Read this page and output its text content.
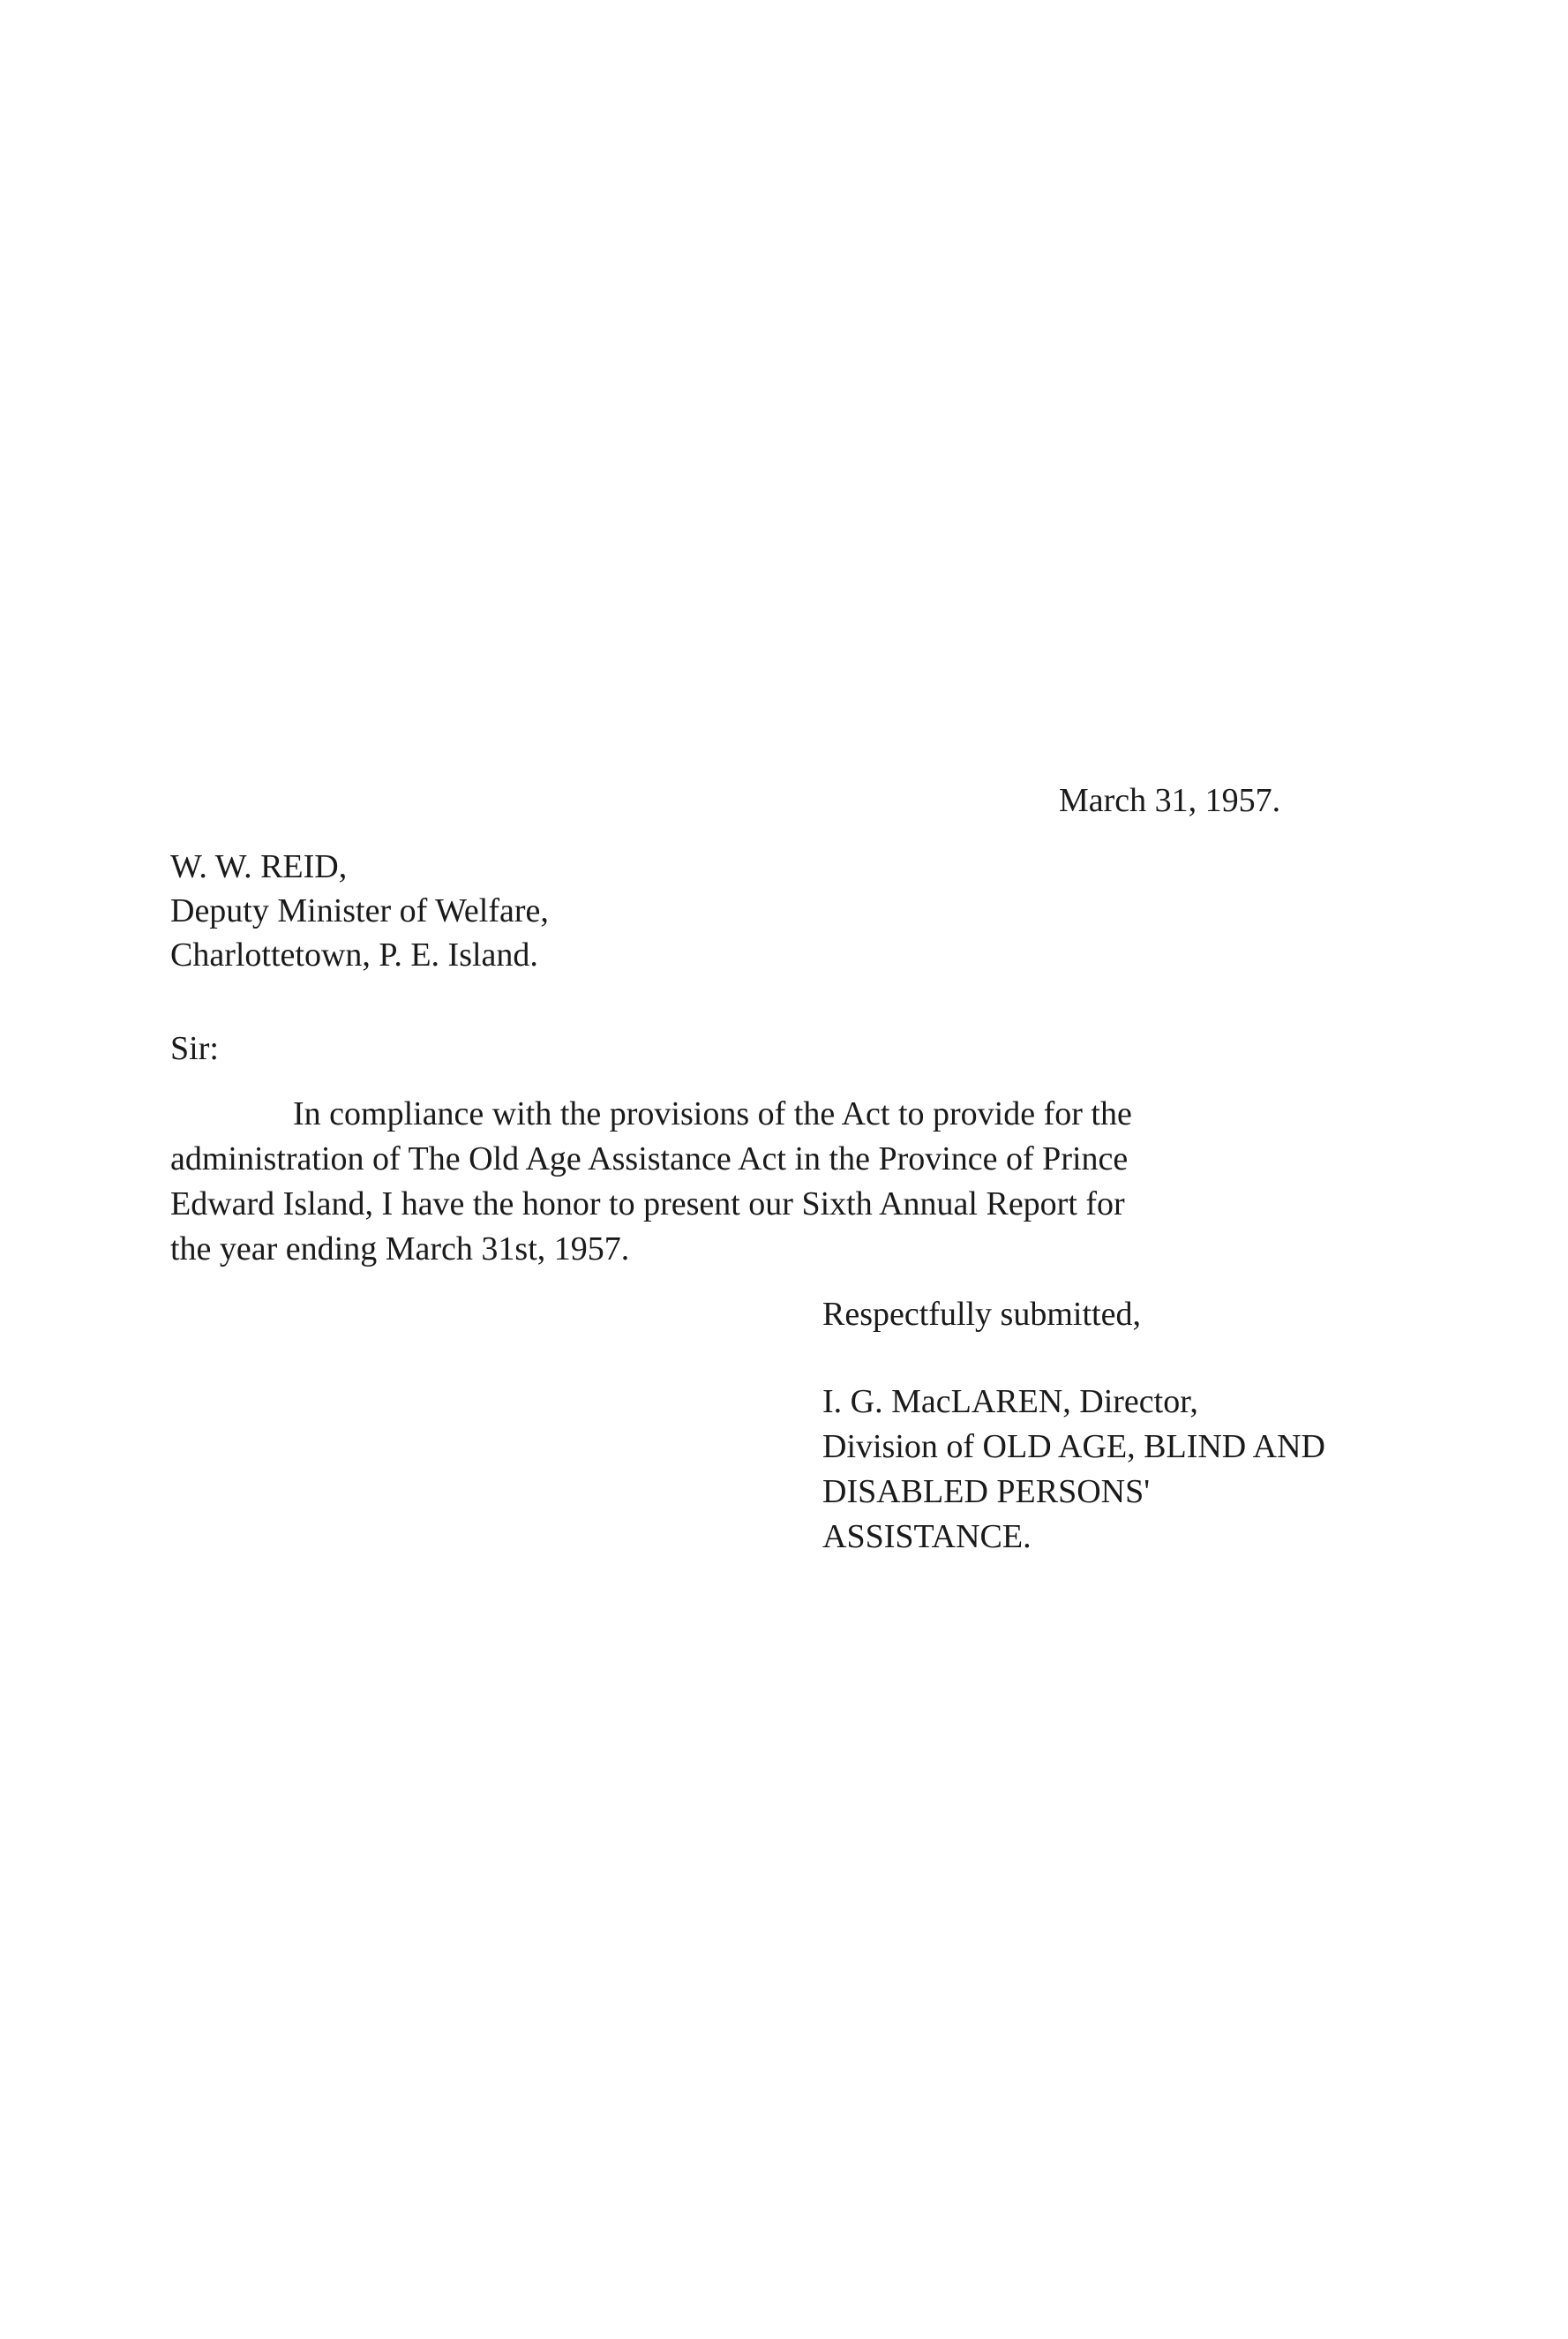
March 31, 1957.
W. W. REID,
Deputy Minister of Welfare,
Charlottetown, P. E. Island.
Sir:
In compliance with the provisions of the Act to provide for the
administration of The Old Age Assistance Act in the Province of Prince
Edward Island, I have the honor to present our Sixth Annual Report for
the year ending March 31st, 1957.
Respectfully submitted,
I. G. MacLAREN, Director,
Division of OLD AGE, BLIND AND
DISABLED PERSONS'
ASSISTANCE.
